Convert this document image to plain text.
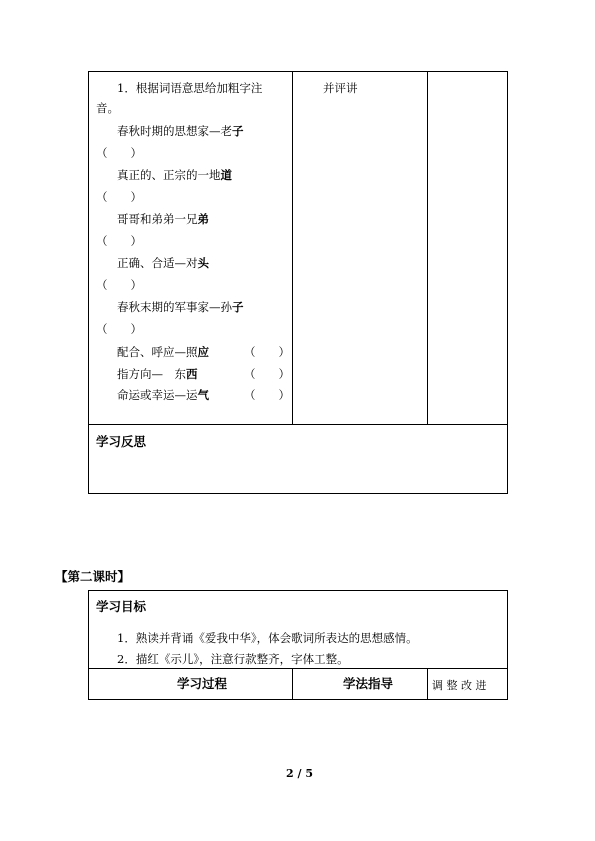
1．根据词语意思给加粗字注
音。
春秋时期的思想家—老子
（　　）
真正的、正宗的一地道
（　　）
哥哥和弟弟一兄弟
（　　）
正确、合适—对头
（　　）
春秋末期的军事家—孙子
（　　）
配合、呼应—照应	（　　）
指方向—　东西	（　　）
命运或幸运—运气	（　　）
并评讲
学习反思
【第二课时】
学习目标
1．熟读并背诵《爱我中华》，体会歌词所表达的思想感情。
2．描红《示儿》，注意行款整齐，字体工整。
学习过程	学法指导	调 整 改 进
2 / 5
